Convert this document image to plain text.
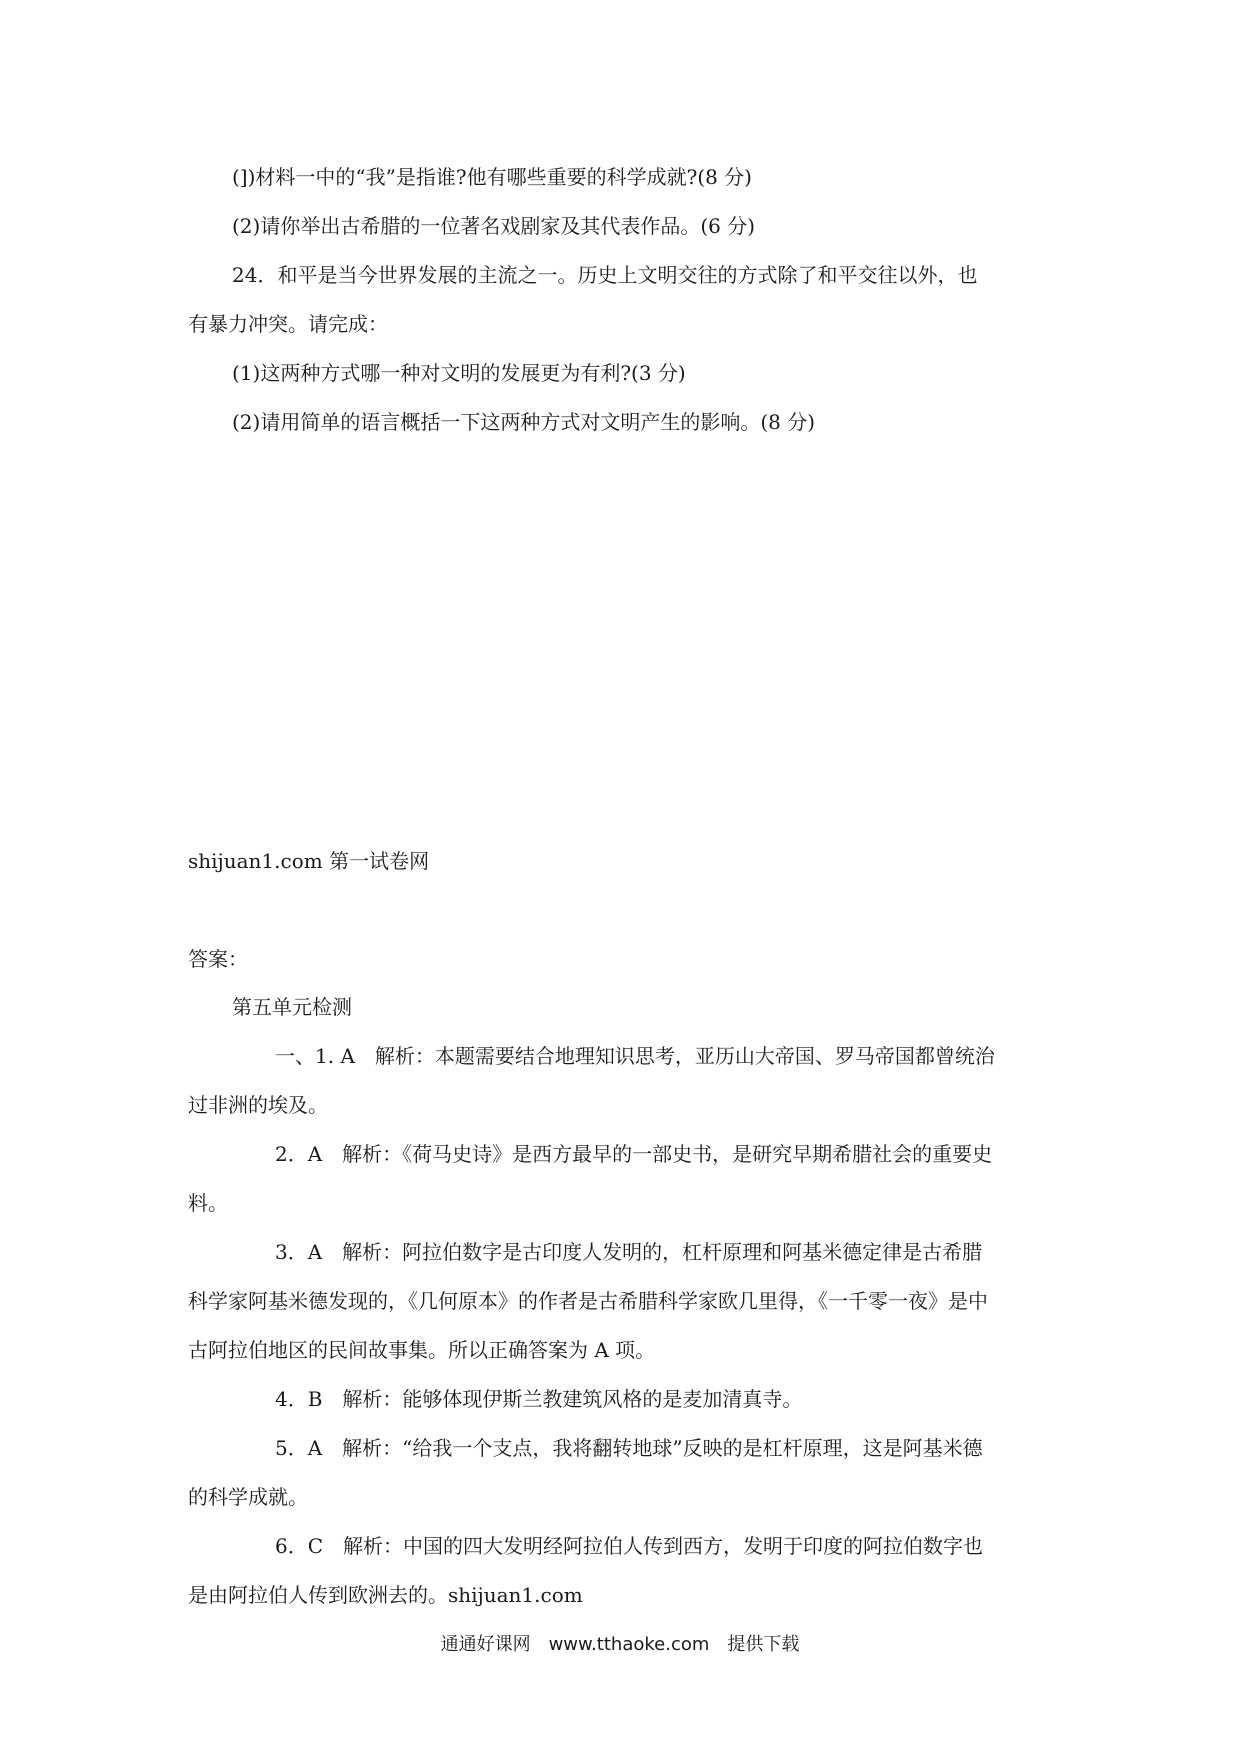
(])材料一中的“我”是指谁?他有哪些重要的科学成就?(8 分)
(2)请你举出古希腊的一位著名戏剧家及其代表作品。(6 分)
24．和平是当今世界发展的主流之一。历史上文明交往的方式除了和平交往以外，也
有暴力冲突。请完成：
(1)这两种方式哪一种对文明的发展更为有利?(3 分)
(2)请用简单的语言概括一下这两种方式对文明产生的影响。(8 分)
shijuan1.com 第一试卷网
答案：
第五单元检测
一、1. A　解析：本题需要结合地理知识思考，亚历山大帝国、罗马帝国都曾统治
过非洲的埃及。
2．A　解析：《荷马史诗》是西方最早的一部史书，是研究早期希腊社会的重要史
料。
3．A　解析：阿拉伯数字是古印度人发明的，杠杆原理和阿基米德定律是古希腊
科学家阿基米德发现的，《几何原本》的作者是古希腊科学家欧几里得，《一千零一夜》是中
古阿拉伯地区的民间故事集。所以正确答案为 A 项。
4．B　解析：能够体现伊斯兰教建筑风格的是麦加清真寺。
5．A　解析：“给我一个支点，我将翻转地球”反映的是杠杆原理，这是阿基米德
的科学成就。
6．C　解析：中国的四大发明经阿拉伯人传到西方，发明于印度的阿拉伯数字也
是由阿拉伯人传到欧洲去的。shijuan1.com
通通好课网　www.tthaoke.com　提供下载
